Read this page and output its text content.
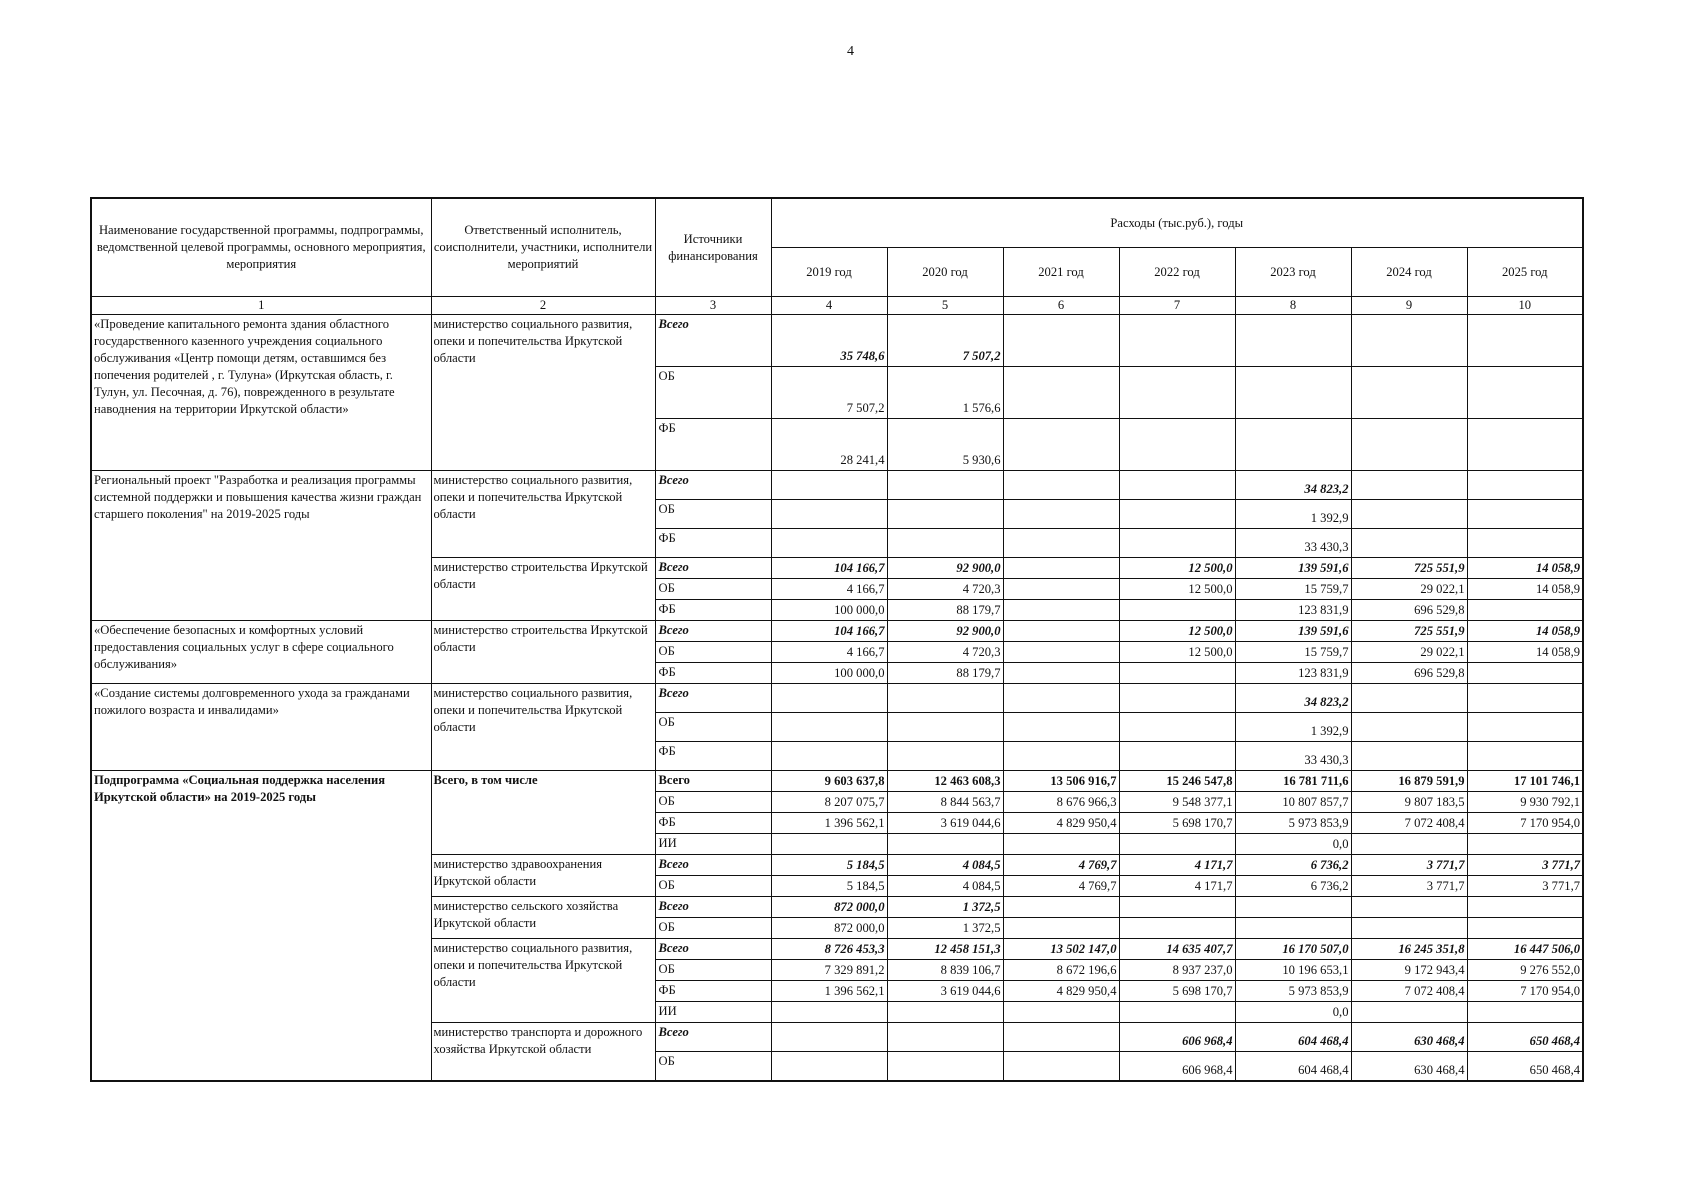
4
Наименование государственной программы, подпрограммы, ведомственной целевой программы, основного мероприятия, мероприятия	Ответственный исполнитель, соисполнители, участники, исполнители мероприятий	Источники финансирования	Расходы (тыс.руб.), годы						
			2019 год	2020 год	2021 год	2022 год	2023 год	2024 год	2025 год
1	2	3	4	5	6	7	8	9	10
«Проведение капитального ремонта здания областного государственного казенного учреждения социального обслуживания «Центр помощи детям, оставшимся без попечения родителей , г. Тулуна» (Иркутская область, г. Тулун, ул. Песочная, д. 76), поврежденного в результате наводнения на территории Иркутской области»	министерство социального развития, опеки и попечительства Иркутской области	Всего	35 748,6	7 507,2					
		ОБ	7 507,2	1 576,6					
		ФБ	28 241,4	5 930,6					
Региональный проект "Разработка и реализация программы системной поддержки и повышения качества жизни граждан старшего поколения" на 2019-2025 годы	министерство социального развития, опеки и попечительства Иркутской области	Всего					34 823,2		
		ОБ					1 392,9		
		ФБ					33 430,3		
	министерство строительства Иркутской области	Всего	104 166,7	92 900,0		12 500,0	139 591,6	725 551,9	14 058,9
		ОБ	4 166,7	4 720,3		12 500,0	15 759,7	29 022,1	14 058,9
		ФБ	100 000,0	88 179,7			123 831,9	696 529,8	
«Обеспечение безопасных и комфортных условий предоставления социальных услуг в сфере социального обслуживания»	министерство строительства Иркутской области	Всего	104 166,7	92 900,0		12 500,0	139 591,6	725 551,9	14 058,9
		ОБ	4 166,7	4 720,3		12 500,0	15 759,7	29 022,1	14 058,9
		ФБ	100 000,0	88 179,7			123 831,9	696 529,8	
«Создание системы долговременного ухода за гражданами пожилого возраста и инвалидами»	министерство социального развития, опеки и попечительства Иркутской области	Всего					34 823,2		
		ОБ					1 392,9		
		ФБ					33 430,3		
Подпрограмма «Социальная поддержка населения Иркутской области» на 2019-2025 годы	Всего, в том числе	Всего	9 603 637,8	12 463 608,3	13 506 916,7	15 246 547,8	16 781 711,6	16 879 591,9	17 101 746,1
		ОБ	8 207 075,7	8 844 563,7	8 676 966,3	9 548 377,1	10 807 857,7	9 807 183,5	9 930 792,1
		ФБ	1 396 562,1	3 619 044,6	4 829 950,4	5 698 170,7	5 973 853,9	7 072 408,4	7 170 954,0
		ИИ					0,0		
	министерство здравоохранения Иркутской области	Всего	5 184,5	4 084,5	4 769,7	4 171,7	6 736,2	3 771,7	3 771,7
		ОБ	5 184,5	4 084,5	4 769,7	4 171,7	6 736,2	3 771,7	3 771,7
	министерство сельского хозяйства Иркутской области	Всего	872 000,0	1 372,5					
		ОБ	872 000,0	1 372,5					
	министерство социального развития, опеки и попечительства Иркутской области	Всего	8 726 453,3	12 458 151,3	13 502 147,0	14 635 407,7	16 170 507,0	16 245 351,8	16 447 506,0
		ОБ	7 329 891,2	8 839 106,7	8 672 196,6	8 937 237,0	10 196 653,1	9 172 943,4	9 276 552,0
		ФБ	1 396 562,1	3 619 044,6	4 829 950,4	5 698 170,7	5 973 853,9	7 072 408,4	7 170 954,0
		ИИ					0,0		
	министерство транспорта и дорожного хозяйства Иркутской области	Всего				606 968,4	604 468,4	630 468,4	650 468,4
		ОБ				606 968,4	604 468,4	630 468,4	650 468,4
